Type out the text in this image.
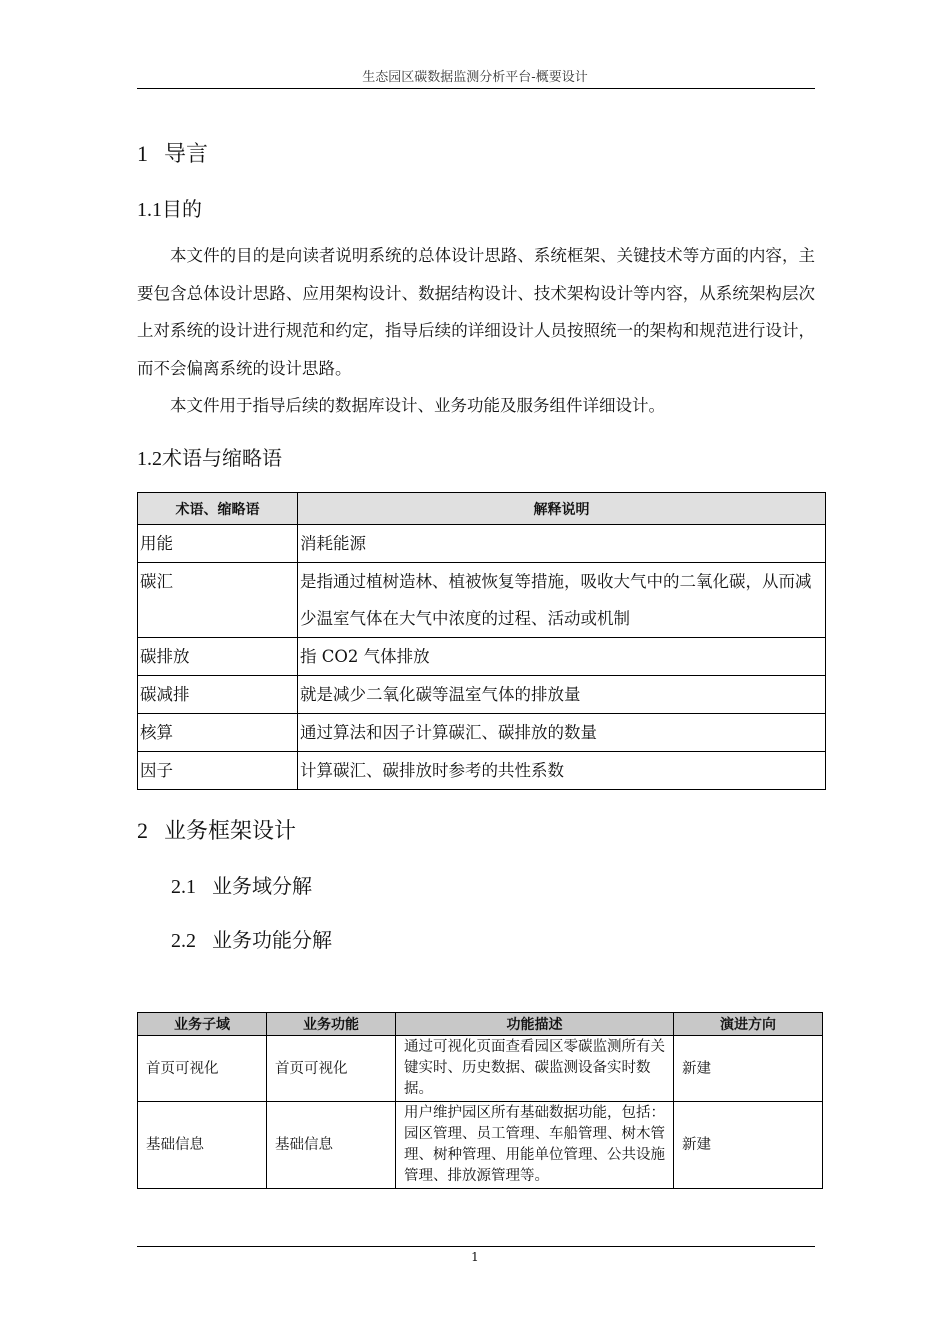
生态园区碳数据监测分析平台-概要设计
1 导言
1.1目的
本文件的目的是向读者说明系统的总体设计思路、系统框架、关键技术等方面的内容，主要包含总体设计思路、应用架构设计、数据结构设计、技术架构设计等内容，从系统架构层次上对系统的设计进行规范和约定，指导后续的详细设计人员按照统一的架构和规范进行设计，而不会偏离系统的设计思路。
本文件用于指导后续的数据库设计、业务功能及服务组件详细设计。
1.2术语与缩略语
术语、缩略语	解释说明
用能	消耗能源
碳汇	是指通过植树造林、植被恢复等措施，吸收大气中的二氧化碳，从而减少温室气体在大气中浓度的过程、活动或机制
碳排放	指 CO2 气体排放
碳减排	就是减少二氧化碳等温室气体的排放量
核算	通过算法和因子计算碳汇、碳排放的数量
因子	计算碳汇、碳排放时参考的共性系数
2 业务框架设计
2.1 业务域分解
2.2 业务功能分解
业务子域	业务功能	功能描述	演进方向
首页可视化	首页可视化	通过可视化页面查看园区零碳监测所有关键实时、历史数据、碳监测设备实时数据。	新建
基础信息	基础信息	用户维护园区所有基础数据功能，包括：园区管理、员工管理、车船管理、树木管理、树种管理、用能单位管理、公共设施管理、排放源管理等。	新建
1
